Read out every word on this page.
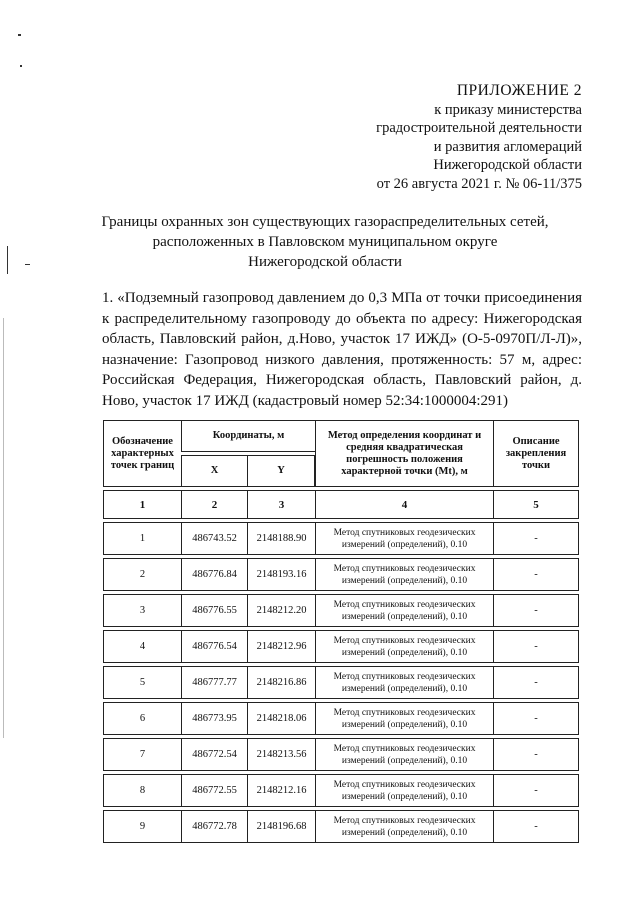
ПРИЛОЖЕНИЕ 2
к приказу министерства
градостроительной деятельности
и развития агломераций
Нижегородской области
от 26 августа 2021 г. № 06-11/375
Границы охранных зон существующих газораспределительных сетей,
расположенных в Павловском муниципальном округе
Нижегородской области
1. «Подземный газопровод давлением до 0,3 МПа от точки присоединения к распределительному газопроводу до объекта по адресу: Нижегородская область, Павловский район, д.Ново, участок 17 ИЖД» (О-5-0970П/Л-Л)», назначение: Газопровод низкого давления, протяженность: 57 м, адрес: Российская Федерация, Нижегородская область, Павловский район, д. Ново, участок 17 ИЖД (кадастровый номер 52:34:1000004:291)
Обозначение характерных точек границ	Координаты, м		Метод определения координат и средняя квадратическая погрешность положения характерной точки (Mt), м	Описание закрепления точки
	X	Y		
1	2	3	4	5
1	486743.52	2148188.90	Метод спутниковых геодезических измерений (определений), 0.10	-
2	486776.84	2148193.16	Метод спутниковых геодезических измерений (определений), 0.10	-
3	486776.55	2148212.20	Метод спутниковых геодезических измерений (определений), 0.10	-
4	486776.54	2148212.96	Метод спутниковых геодезических измерений (определений), 0.10	-
5	486777.77	2148216.86	Метод спутниковых геодезических измерений (определений), 0.10	-
6	486773.95	2148218.06	Метод спутниковых геодезических измерений (определений), 0.10	-
7	486772.54	2148213.56	Метод спутниковых геодезических измерений (определений), 0.10	-
8	486772.55	2148212.16	Метод спутниковых геодезических измерений (определений), 0.10	-
9	486772.78	2148196.68	Метод спутниковых геодезических измерений (определений), 0.10	-
